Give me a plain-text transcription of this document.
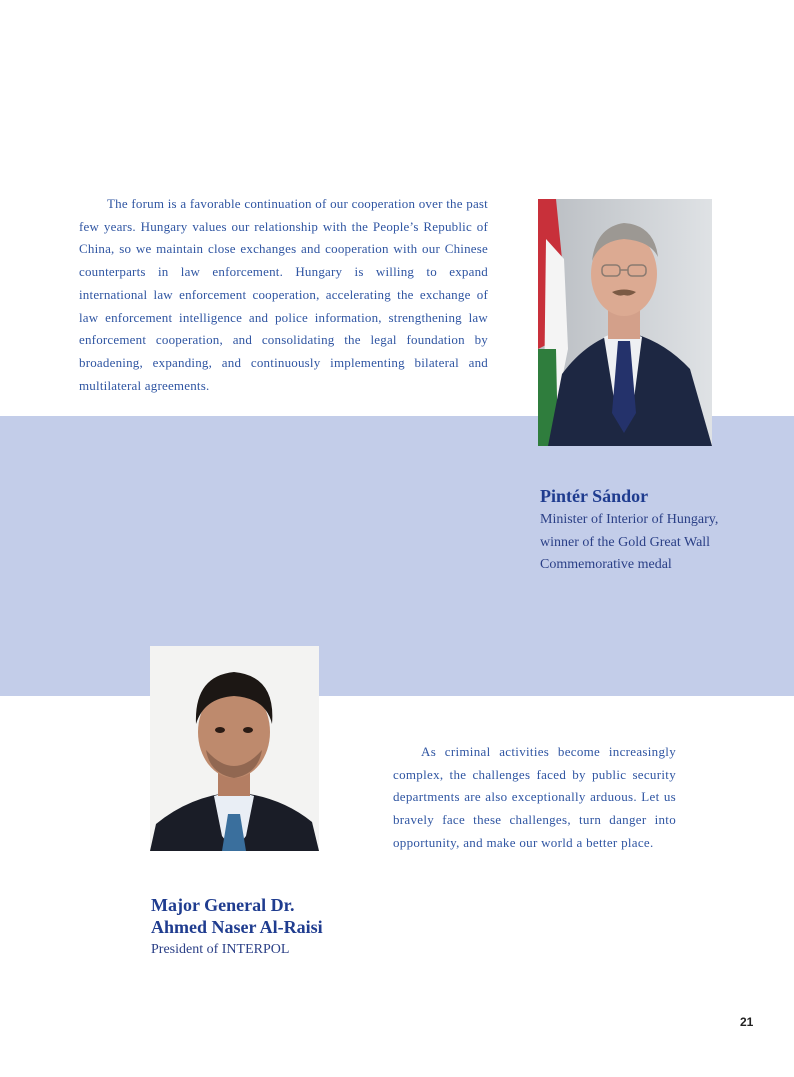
The forum is a favorable continuation of our cooperation over the past few years. Hungary values our relationship with the People’s Republic of China, so we maintain close exchanges and cooperation with our Chinese counterparts in law enforcement. Hungary is willing to expand international law enforcement cooperation, accelerating the exchange of law enforcement intelligence and police information, strengthening law enforcement cooperation, and consolidating the legal foundation by broadening, expanding, and continuously implementing bilateral and multilateral agreements.

Pintér Sándor
Minister of Interior of Hungary,
winner of the Gold Great Wall
Commemorative medal

As criminal activities become increasingly complex, the challenges faced by public security departments are also exceptionally arduous. Let us bravely face these challenges, turn danger into opportunity, and make our world a better place.

Major General Dr.
Ahmed Naser Al-Raisi
President of INTERPOL
21
